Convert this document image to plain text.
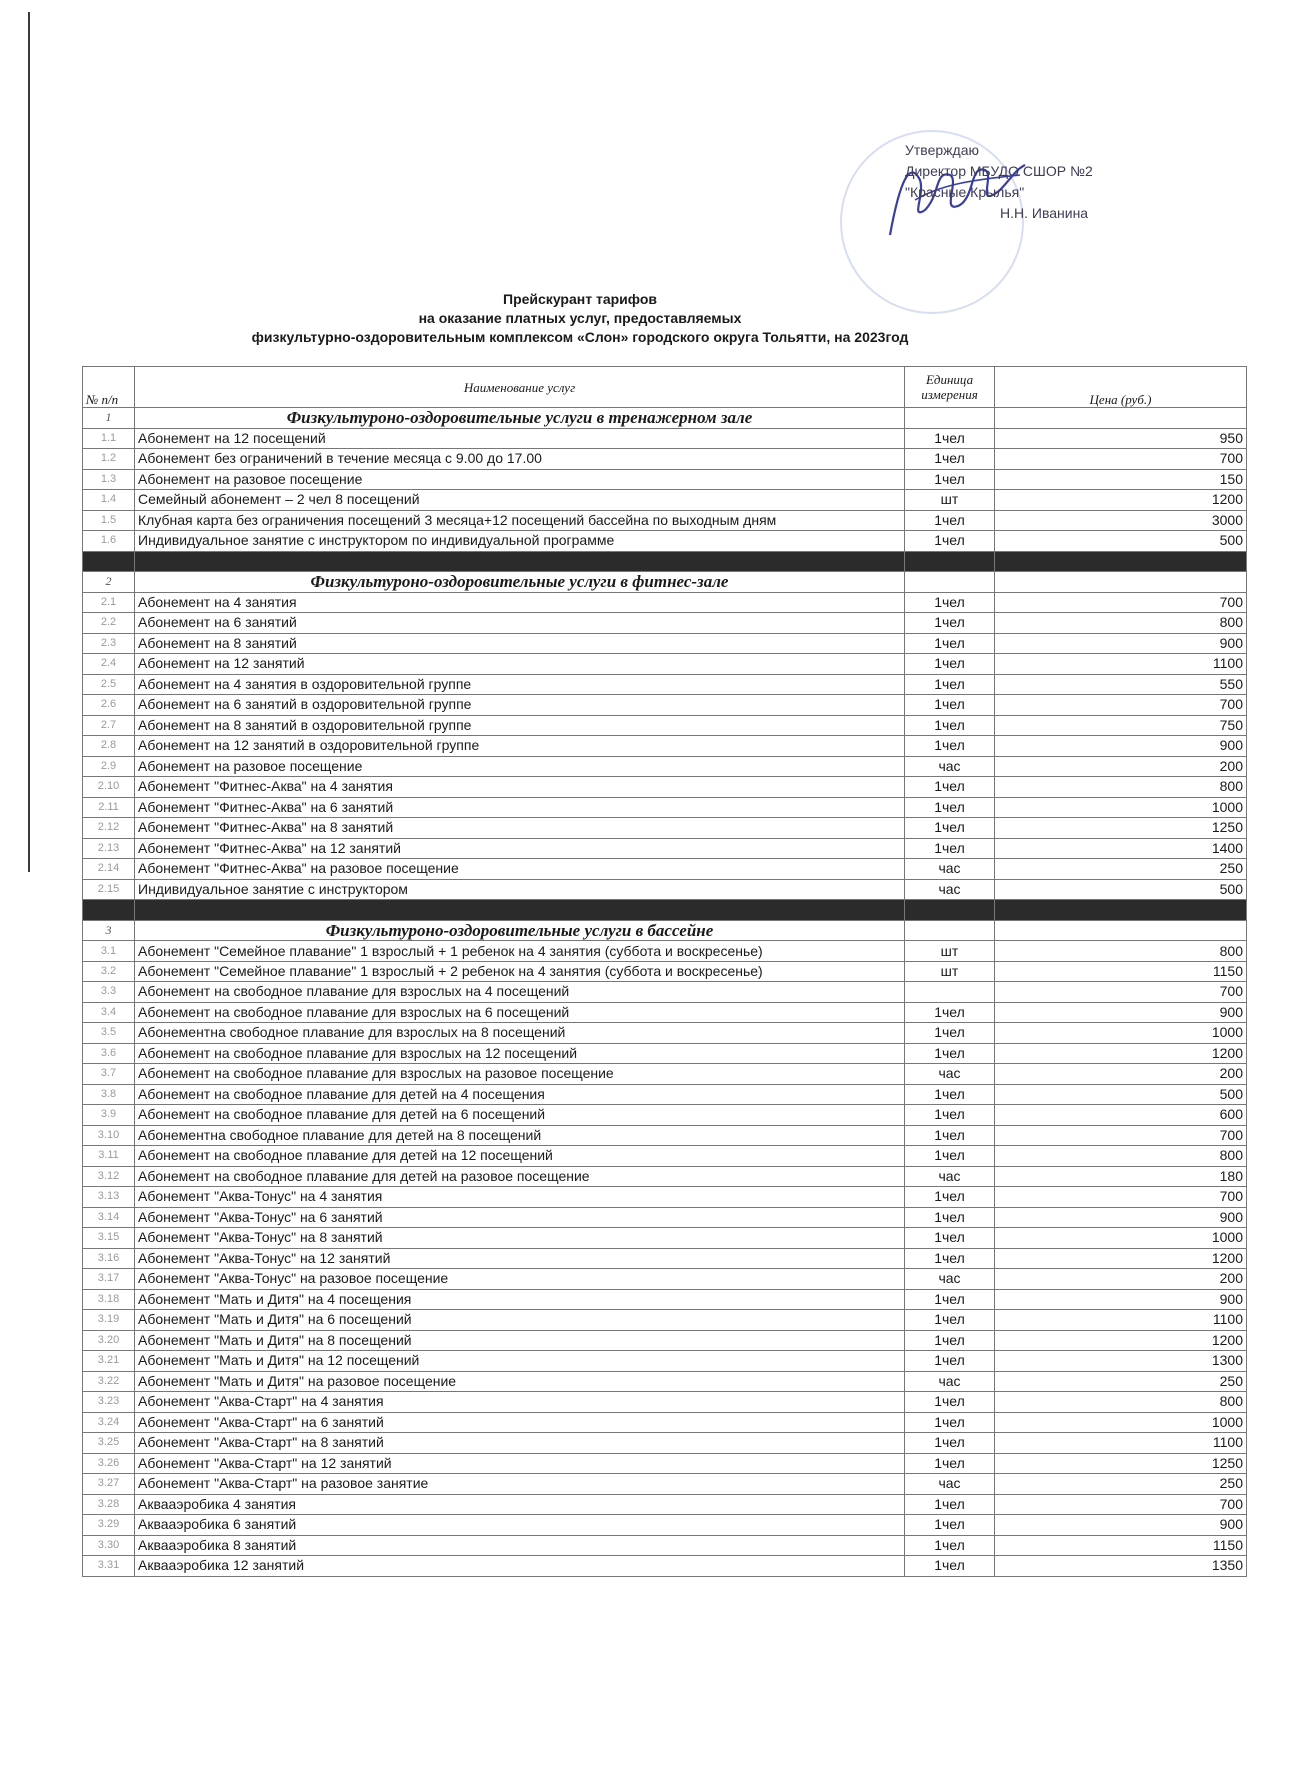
Утверждаю
Директор МБУДО СШОР №2
"Красные Крылья"
Н.Н. Иванина
Прейскурант тарифов
на оказание платных услуг, предоставляемых
физкультурно-оздоровительным комплексом «Слон» городского округа Тольятти, на 2023год
№ п/п	Наименование услуг	Единица измерения	Цена (руб.)
1	Физкультуроно-оздоровительные услуги в тренажерном зале		
1.1	Абонемент на 12 посещений	1чел	950
1.2	Абонемент без ограничений в течение месяца с 9.00 до 17.00	1чел	700
1.3	Абонемент на разовое посещение	1чел	150
1.4	Семейный абонемент – 2 чел 8 посещений	шт	1200
1.5	Клубная карта без ограничения посещений 3 месяца+12 посещений бассейна по выходным дням	1чел	3000
1.6	Индивидуальное занятие с инструктором по индивидуальной программе	1чел	500

2	Физкультуроно-оздоровительные услуги в фитнес-зале		
2.1	Абонемент на 4 занятия	1чел	700
2.2	Абонемент на 6 занятий	1чел	800
2.3	Абонемент на 8 занятий	1чел	900
2.4	Абонемент на 12 занятий	1чел	1100
2.5	Абонемент на 4 занятия в оздоровительной группе	1чел	550
2.6	Абонемент на 6 занятий в оздоровительной группе	1чел	700
2.7	Абонемент на 8 занятий в оздоровительной группе	1чел	750
2.8	Абонемент на 12 занятий в оздоровительной группе	1чел	900
2.9	Абонемент на разовое посещение	час	200
2.10	Абонемент "Фитнес-Аква" на 4 занятия	1чел	800
2.11	Абонемент "Фитнес-Аква" на 6 занятий	1чел	1000
2.12	Абонемент "Фитнес-Аква" на 8 занятий	1чел	1250
2.13	Абонемент "Фитнес-Аква" на 12 занятий	1чел	1400
2.14	Абонемент "Фитнес-Аква" на разовое посещение	час	250
2.15	Индивидуальное занятие с инструктором	час	500

3	Физкультуроно-оздоровительные услуги в бассейне		
3.1	Абонемент "Семейное плавание" 1 взрослый + 1 ребенок на 4 занятия (суббота и воскресенье)	шт	800
3.2	Абонемент "Семейное плавание" 1 взрослый + 2 ребенок на 4 занятия (суббота и воскресенье)	шт	1150
3.3	Абонемент на свободное плавание для взрослых на 4 посещений		700
3.4	Абонемент на свободное плавание для взрослых на 6 посещений	1чел	900
3.5	Абонементна свободное плавание для взрослых на 8 посещений	1чел	1000
3.6	Абонемент на свободное плавание для взрослых на 12 посещений	1чел	1200
3.7	Абонемент на свободное плавание для взрослых на разовое посещение	час	200
3.8	Абонемент на свободное плавание для детей на 4 посещения	1чел	500
3.9	Абонемент на свободное плавание для детей на 6 посещений	1чел	600
3.10	Абонементна свободное плавание для детей на 8 посещений	1чел	700
3.11	Абонемент на свободное плавание для детей на 12 посещений	1чел	800
3.12	Абонемент на свободное плавание для детей на разовое посещение	час	180
3.13	Абонемент "Аква-Тонус" на 4 занятия	1чел	700
3.14	Абонемент "Аква-Тонус" на 6 занятий	1чел	900
3.15	Абонемент "Аква-Тонус" на 8 занятий	1чел	1000
3.16	Абонемент "Аква-Тонус" на 12 занятий	1чел	1200
3.17	Абонемент "Аква-Тонус" на разовое посещение	час	200
3.18	Абонемент "Мать и Дитя" на 4 посещения	1чел	900
3.19	Абонемент "Мать и Дитя" на 6 посещений	1чел	1100
3.20	Абонемент "Мать и Дитя" на 8 посещений	1чел	1200
3.21	Абонемент "Мать и Дитя" на 12 посещений	1чел	1300
3.22	Абонемент "Мать и Дитя" на разовое посещение	час	250
3.23	Абонемент "Аква-Старт" на 4 занятия	1чел	800
3.24	Абонемент "Аква-Старт" на 6 занятий	1чел	1000
3.25	Абонемент "Аква-Старт" на 8 занятий	1чел	1100
3.26	Абонемент "Аква-Старт" на 12 занятий	1чел	1250
3.27	Абонемент "Аква-Старт" на разовое занятие	час	250
3.28	Аквааэробика 4 занятия	1чел	700
3.29	Аквааэробика 6 занятий	1чел	900
3.30	Аквааэробика 8 занятий	1чел	1150
3.31	Аквааэробика 12 занятий	1чел	1350
